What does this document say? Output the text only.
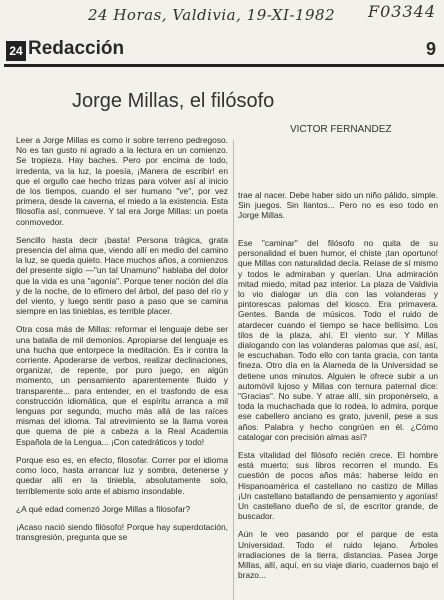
24 Horas, Valdivia, 19-XI-1982	F03344
24 Redacción	9
Jorge Millas, el filósofo
VICTOR FERNANDEZ

Leer a Jorge Millas es como ir sobre terreno pedregoso. No es tan gusto ni agrado a la lectura en un comienzo. Se tropieza. Hay baches. Pero por encima de todo, irredenta, va la luz, la poesía, ¡Manera de escribir! en que el orgullo cae hecho trizas para volver así al inicio de los tiempos, cuando el ser humano "ve", por vez primera, desde la caverna, el miedo a la existencia. Esta filosofía así, conmueve. Y tal era Jorge Millas: un poeta conmovedor.

Sencillo hasta decir ¡basta! Persona trágica, grata presencia del alma que, viendo allí en medio del camino la luz, se queda quieto. Hace muchos años, a comienzos del presente siglo —"un tal Unamuno" hablaba del dolor que la vida es una "agonía". Porque tener noción del día y de la noche, de lo efímero del árbol, del paso del río y del viento, y luego sentir paso a paso que se camina siempre en las tinieblas, es terrible placer.

Otra cosa más de Millas: reformar el lenguaje debe ser una batalla de mil demonios. Apropiarse del lenguaje es una hucha que entorpece la meditación. Es ir contra la corriente. Apoderarse de verbos, realizar declinaciones, organizar, de repente, por puro juego, en algún momento, un pensamiento aparentemente fluido y transparente... para entender, en el trasfondo de esa construcción idiomática, que el espíritu arranca a mil lenguas por segundo, mucho más allá de las raíces mismas del idioma. Tal atrevimiento se la llama vorea que quema de pie a cabeza a la Real Academia Española de la Lengua... ¡Con catedráticos y todo!

Porque eso es, en efecto, filosofar. Correr por el idioma como loco, hasta arrancar luz y sombra, detenerse y quedar allí en la tiniebla, absolutamente solo, terriblemente solo ante el abismo insondable.

¿A qué edad comenzó Jorge Millas a filosofar?

¡Acaso nació siendo filósofo! Porque hay superdotación, transgresión, pregunta que se

trae al nacer. Debe haber sido un niño pálido, simple. Sin juegos. Sin llantos... Pero no es eso todo en Jorge Millas.

Ese "caminar" del filósofo no quita de su personalidad el buen humor, el chiste ¡tan oportuno! que Millas con naturalidad decía. Reíase de sí mismo y todos le admiraban y querían. Una admiración mitad miedo, mitad paz interior. La plaza de Valdivia lo vio dialogar un día con las volanderas y pintorescas palomas del kiosco. Era primavera. Gentes. Banda de músicos. Todo el ruido de atardecer cuando el tiempo se hace bellísimo. Los tilos de la plaza, ahí. El viento sur. Y Millas dialogando con las volanderas palomas que así, así, le escuchaban. Todo ello con tanta gracia, con tanta fineza. Otro día en la Alameda de la Universidad se detiene unos minutos. Alguien le ofrece subir a un automóvil lujoso y Millas con ternura paternal dice: "Gracias". No sube. Y atrae allí, sin proponérselo, a toda la muchachada que lo rodea, lo admira, porque ese cabellero anciano es grato, juvenil, pese a sus años. Palabra y hecho congrúen en él. ¿Cómo catalogar con precisión almas así?

Esta vitalidad del filósofo recién crece. El hombre está muerto; sus libros recorren el mundo. Es cuestión de pocos años más: haberse leído en Hispanoamérica el castellano no castizo de Millas ¡Un castellano batallando de pensamiento y agonías! Un castellano dueño de sí, de escritor grande, de buscador.

Aún le veo pasando por el parque de esta Universidad. Todo el ruido lejano. Árboles irradiaciones de la tierra, distancias. Pasea Jorge Millas, allí, aquí, en su viaje diario, cuadernos bajo el brazo...
